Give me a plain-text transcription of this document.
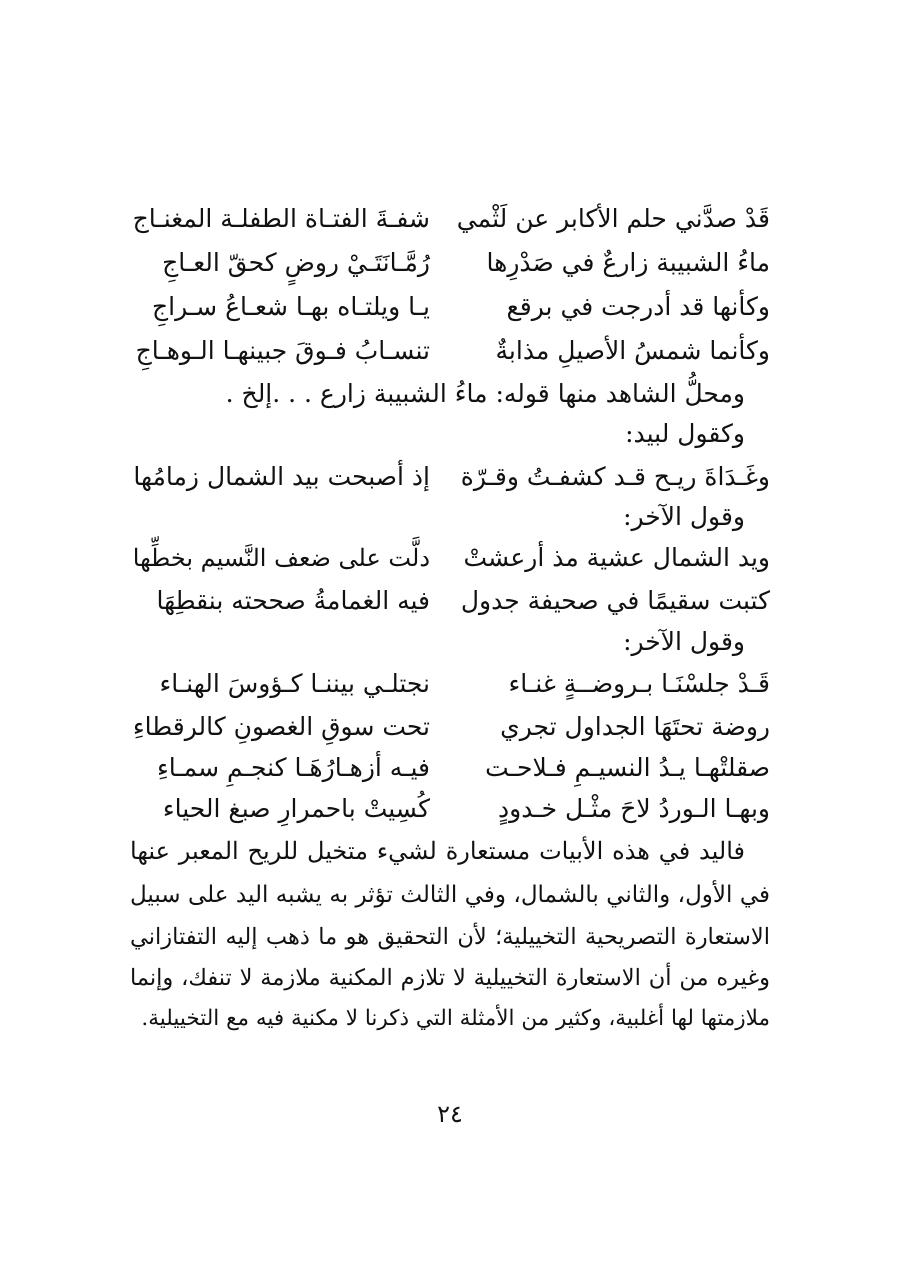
قَدْ صدَّني حلم الأكابر عن لَثْمي
شفـةَ الفتـاة الطفلـة المغنـاج
ماءُ الشبيبة زارعٌ في صَدْرِها
رُمَّـانَتَـيْ روضٍ كحقّ العـاجِ
وكأنها قد أدرجت في برقع
يـا ويلتـاه بهـا شعـاعُ سـراجِ
وكأنما شمسُ الأصيلِ مذابةٌ
تنسـابُ فـوقَ جبينهـا الـوهـاجِ
ومحلُّ الشاهد منها قوله: ماءُ الشبيبة زارع . . .إلخ .
وكقول لبيد:
وغَـدَاةَ ريـح قـد كشفـتُ وقـرّة
إذ أصبحت بيد الشمال زمامُها
وقول الآخر:
ويد الشمال عشية مذ أرعشتْ
دلَّت على ضعف النَّسيم بخطِّها
كتبت سقيمًا في صحيفة جدول
فيه الغمامةُ صححته بنقطِهَا
وقول الآخر:
قَـدْ جلسْنَـا بـروضــةٍ غنـاء
نجتلـي بيننـا كـؤوسَ الهنـاء
روضة تحتَهَا الجداول تجري
تحت سوقِ الغصونِ كالرقطاءِ
صقلتْهـا يـدُ النسيـمِ فـلاحـت
فيـه أزهـارُهَـا كنجـمِ سمـاءِ
وبهـا الـوردُ لاحَ مثْـل خـدودٍ
كُسِيتْ باحمرارِ صبغ الحياء
فاليد في هذه الأبيات مستعارة لشيء متخيل للريح المعبر عنها
في الأول، والثاني بالشمال، وفي الثالث تؤثر به يشبه اليد على سبيل
الاستعارة التصريحية التخييلية؛ لأن التحقيق هو ما ذهب إليه التفتازاني
وغيره من أن الاستعارة التخييلية لا تلازم المكنية ملازمة لا تنفك، وإنما
ملازمتها لها أغلبية، وكثير من الأمثلة التي ذكرنا لا مكنية فيه مع التخييلية.
٢٤
